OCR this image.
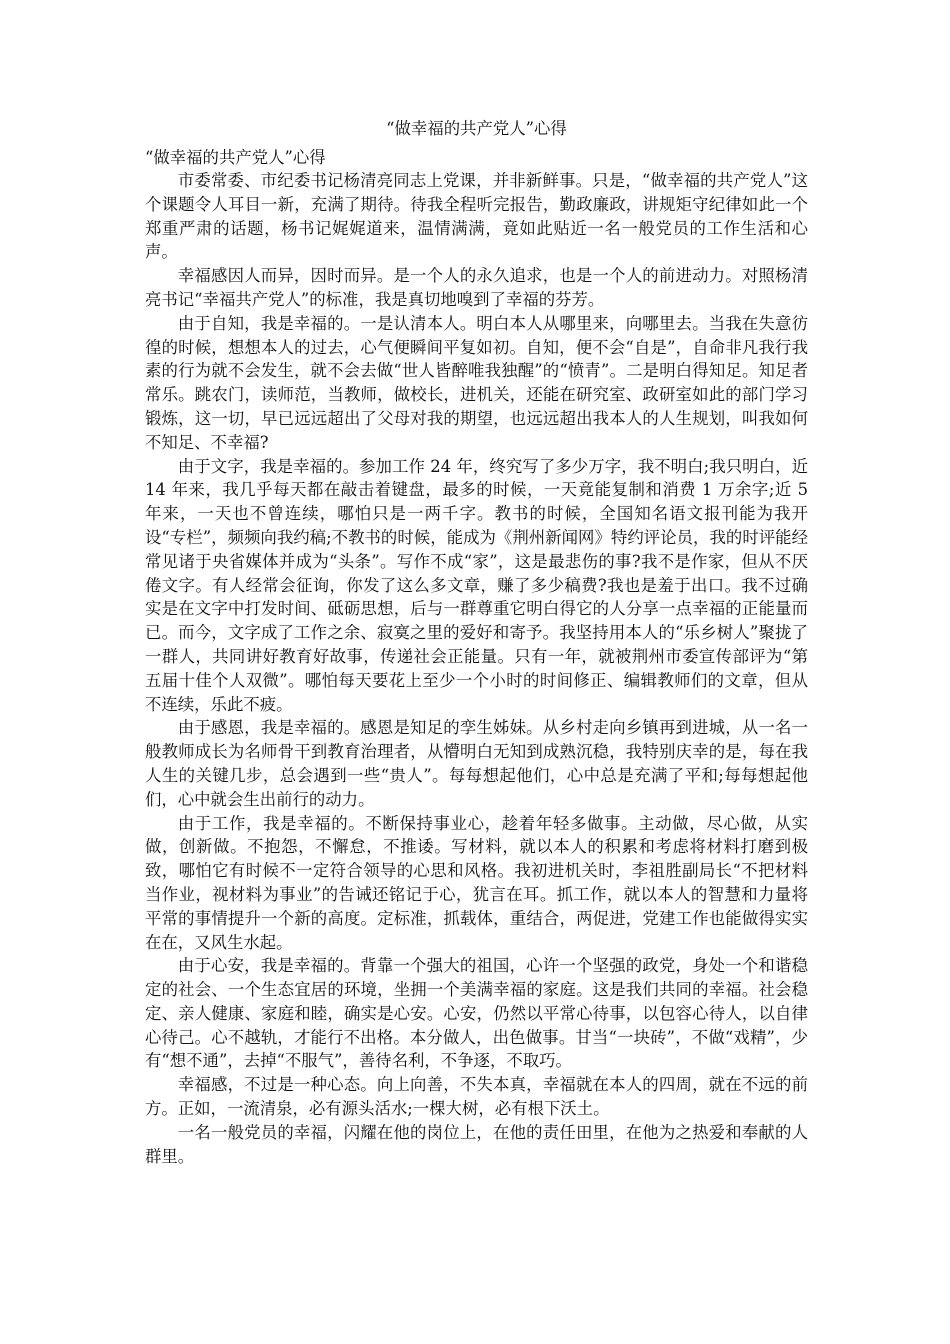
“做幸福的共产党人”心得
“做幸福的共产党人”心得

市委常委、市纪委书记杨清亮同志上党课，并非新鲜事。只是，“做幸福的共产党人”这个课题令人耳目一新，充满了期待。待我全程听完报告，勤政廉政，讲规矩守纪律如此一个郑重严肃的话题，杨书记娓娓道来，温情满满，竟如此贴近一名一般党员的工作生活和心声。

幸福感因人而异，因时而异。是一个人的永久追求，也是一个人的前进动力。对照杨清亮书记“幸福共产党人”的标准，我是真切地嗅到了幸福的芬芳。

由于自知，我是幸福的。一是认清本人。明白本人从哪里来，向哪里去。当我在失意彷徨的时候，想想本人的过去，心气便瞬间平复如初。自知，便不会“自是”，自命非凡我行我素的行为就不会发生，就不会去做“世人皆醉唯我独醒”的“愤青”。二是明白得知足。知足者常乐。跳农门，读师范，当教师，做校长，进机关，还能在研究室、政研室如此的部门学习锻炼，这一切，早已远远超出了父母对我的期望，也远远超出我本人的人生规划，叫我如何不知足、不幸福?

由于文字，我是幸福的。参加工作 24 年，终究写了多少万字，我不明白;我只明白，近 14 年来，我几乎每天都在敲击着键盘，最多的时候，一天竟能复制和消费 1 万余字;近 5 年来，一天也不曾连续，哪怕只是一两千字。教书的时候，全国知名语文报刊能为我开设“专栏”，频频向我约稿;不教书的时候，能成为《荆州新闻网》特约评论员，我的时评能经常见诸于央省媒体并成为“头条”。写作不成“家”，这是最悲伤的事?我不是作家，但从不厌倦文字。有人经常会征询，你发了这么多文章，赚了多少稿费?我也是羞于出口。我不过确实是在文字中打发时间、砥砺思想，后与一群尊重它明白得它的人分享一点幸福的正能量而已。而今，文字成了工作之余、寂寞之里的爱好和寄予。我坚持用本人的“乐乡树人”聚拢了一群人，共同讲好教育好故事，传递社会正能量。只有一年，就被荆州市委宣传部评为“第五届十佳个人双微”。哪怕每天要花上至少一个小时的时间修正、编辑教师们的文章，但从不连续，乐此不疲。

由于感恩，我是幸福的。感恩是知足的孪生姊妹。从乡村走向乡镇再到进城，从一名一般教师成长为名师骨干到教育治理者，从懵明白无知到成熟沉稳，我特别庆幸的是，每在我人生的关键几步，总会遇到一些“贵人”。每每想起他们，心中总是充满了平和;每每想起他们，心中就会生出前行的动力。

由于工作，我是幸福的。不断保持事业心，趁着年轻多做事。主动做，尽心做，从实做，创新做。不抱怨，不懈怠，不推诿。写材料，就以本人的积累和考虑将材料打磨到极致，哪怕它有时候不一定符合领导的心思和风格。我初进机关时，李祖胜副局长“不把材料当作业，视材料为事业”的告诫还铭记于心，犹言在耳。抓工作，就以本人的智慧和力量将平常的事情提升一个新的高度。定标准，抓载体，重结合，两促进，党建工作也能做得实实在在，又风生水起。

由于心安，我是幸福的。背靠一个强大的祖国，心许一个坚强的政党，身处一个和谐稳定的社会、一个生态宜居的环境，坐拥一个美满幸福的家庭。这是我们共同的幸福。社会稳定、亲人健康、家庭和睦，确实是心安。心安，仍然以平常心待事，以包容心待人，以自律心待己。心不越轨，才能行不出格。本分做人，出色做事。甘当“一块砖”，不做“戏精”，少有“想不通”，去掉“不服气”，善待名利，不争逐，不取巧。

幸福感，不过是一种心态。向上向善，不失本真，幸福就在本人的四周，就在不远的前方。正如，一流清泉，必有源头活水;一棵大树，必有根下沃土。

一名一般党员的幸福，闪耀在他的岗位上，在他的责任田里，在他为之热爱和奉献的人群里。
